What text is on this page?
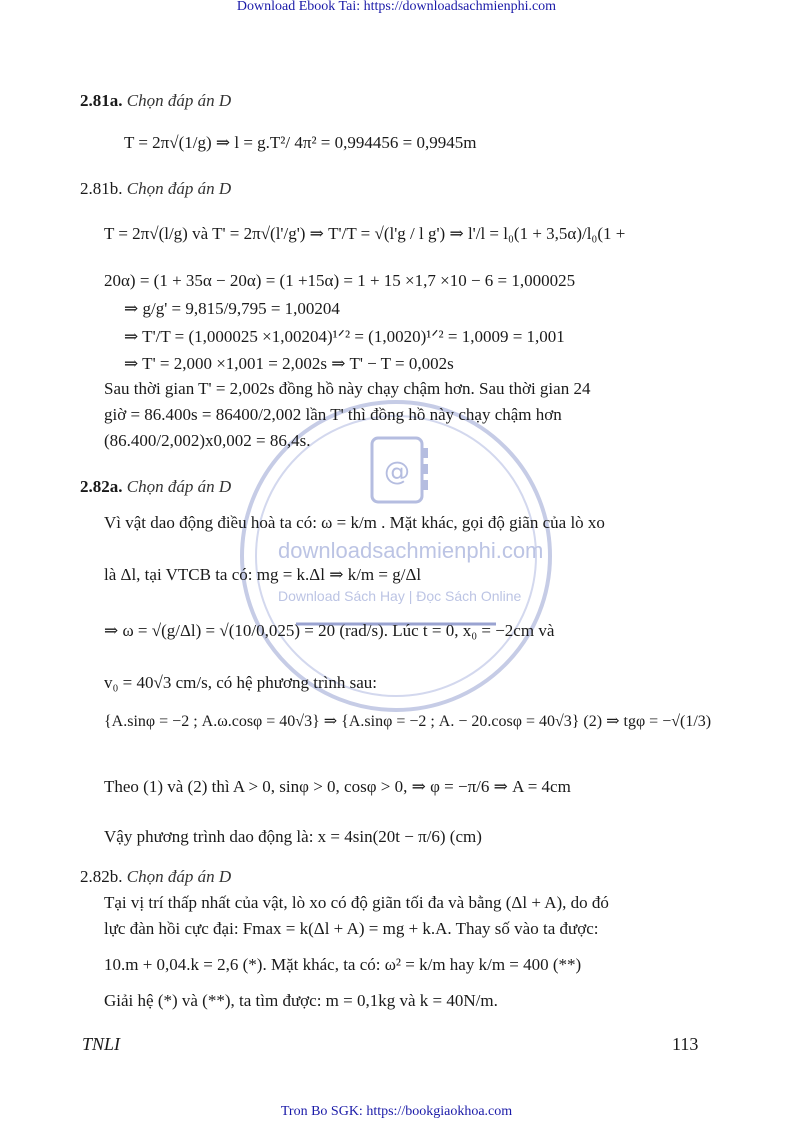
Download Ebook Tai: https://downloadsachmienphi.com
@
downloadsachmienphi.com
Download Sách Hay | Đọc Sách Online
2.81a. Chọn đáp án D
T = 2π√(1/g) ⇒ l = g.T²/ 4π² = 0,994456 = 0,9945m
2.81b. Chọn đáp án D
T = 2π√(l/g) và T' = 2π√(l'/g') ⇒ T'/T = √(l'g / l g') ⇒ l'/l = l₀(1 + 3,5α)/l₀(1 +
20α) = (1 + 35α − 20α) = (1 +15α) = 1 + 15 ×1,7 ×10 − 6 = 1,000025
⇒ g/g' = 9,815/9,795 = 1,00204
⇒ T'/T = (1,000025 ×1,00204)¹ᐟ² = (1,0020)¹ᐟ² = 1,0009 = 1,001
⇒ T' = 2,000 ×1,001 = 2,002s ⇒ T' − T = 0,002s
Sau thời gian T' = 2,002s đồng hồ này chạy chậm hơn. Sau thời gian 24
giờ = 86.400s = 86400/2,002 lần T' thì đồng hồ này chạy chậm hơn
(86.400/2,002)x0,002 = 86,4s.
2.82a. Chọn đáp án D
Vì vật dao động điều hoà ta có: ω = k/m . Mặt khác, gọi độ giãn của lò xo
là Δl, tại VTCB ta có: mg = k.Δl ⇒ k/m = g/Δl
⇒ ω = √(g/Δl) = √(10/0,025) = 20 (rad/s). Lúc t = 0, x₀ = −2cm và
v₀ = 40√3 cm/s, có hệ phương trình sau:
{A.sinφ = −2 ; A.ω.cosφ = 40√3} ⇒ {A.sinφ = −2 ; A. − 20.cosφ = 40√3} (2) ⇒ tgφ = −√(1/3)
Theo (1) và (2) thì A > 0, sinφ > 0, cosφ > 0, ⇒ φ = −π/6 ⇒ A = 4cm
Vậy phương trình dao động là: x = 4sin(20t − π/6) (cm)
2.82b. Chọn đáp án D
Tại vị trí thấp nhất của vật, lò xo có độ giãn tối đa và bằng (Δl + A), do đó
lực đàn hồi cực đại: Fmax = k(Δl + A) = mg + k.A. Thay số vào ta được:
10.m + 0,04.k = 2,6 (*). Mặt khác, ta có: ω² = k/m hay k/m = 400 (**)
Giải hệ (*) và (**), ta tìm được: m = 0,1kg và k = 40N/m.
TNLI	113
Tron Bo SGK: https://bookgiaokhoa.com
